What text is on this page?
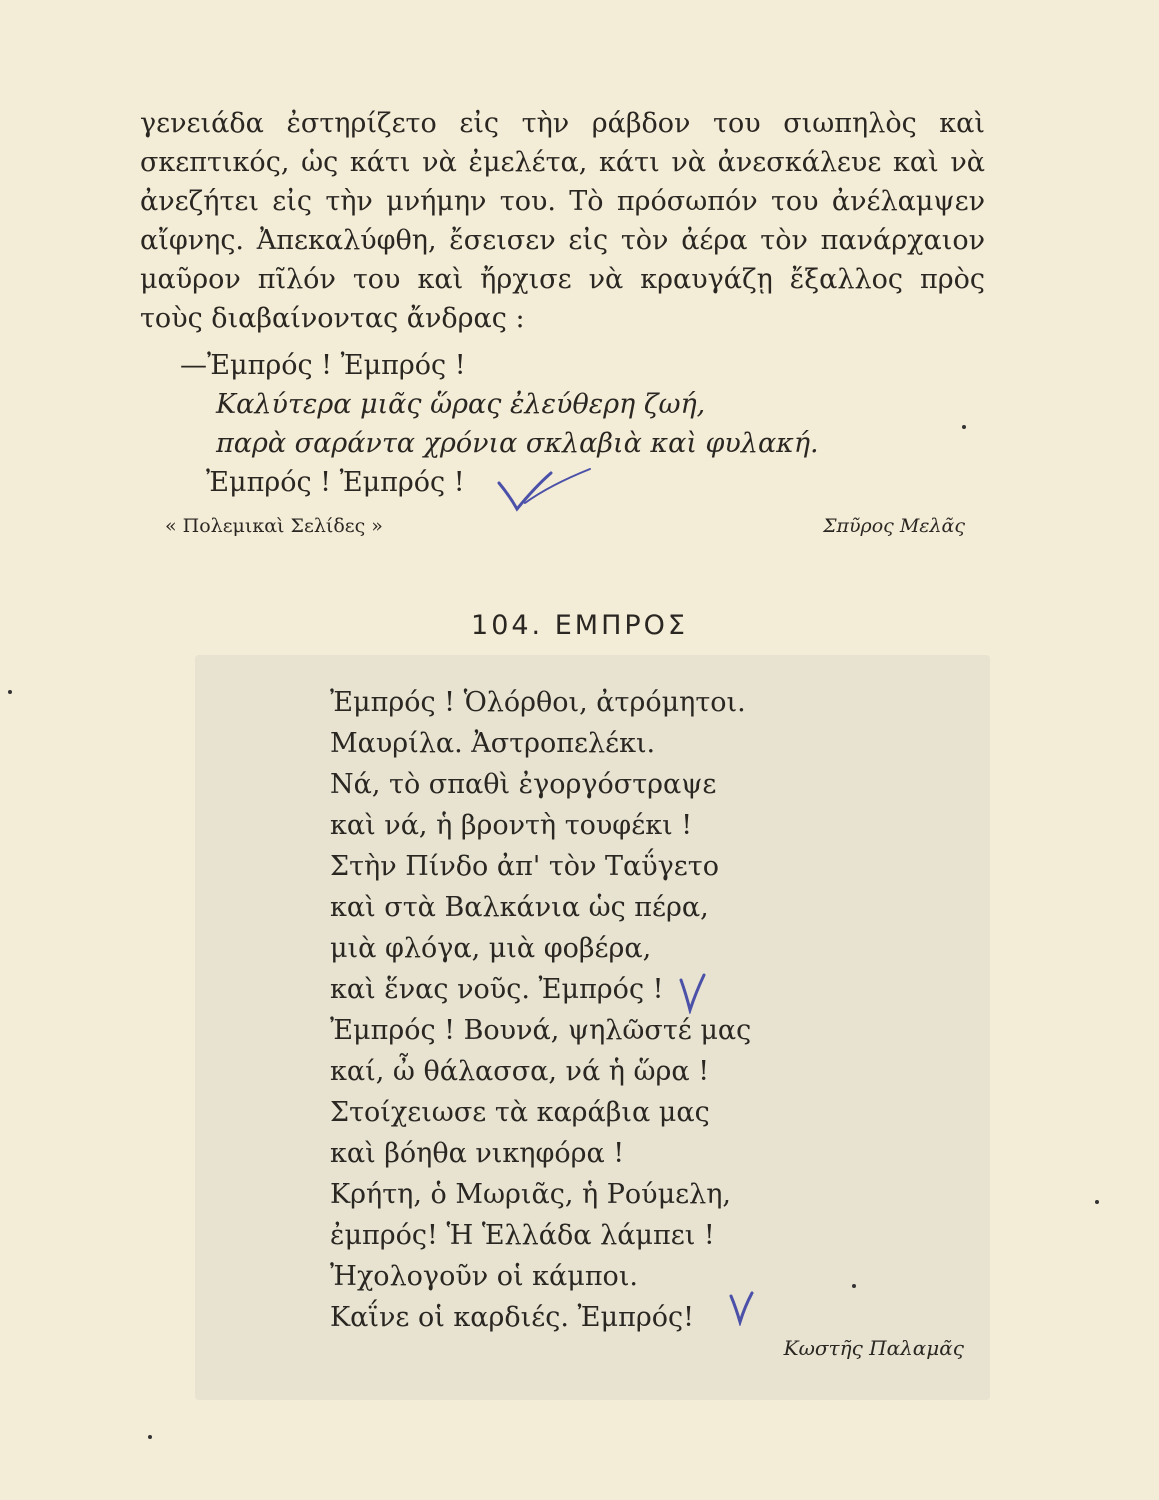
γενειάδα ἐστηρίζετο εἰς τὴν ράβδον του σιωπηλὸς καὶ σκεπτικός, ὡς κάτι νὰ ἐμελέτα, κάτι νὰ ἀνεσκάλευε καὶ νὰ ἀνεζήτει εἰς τὴν μνήμην του. Τὸ πρόσωπόν του ἀνέλαμψεν αἴφνης. Ἀπεκαλύφθη, ἔσεισεν εἰς τὸν ἀέρα τὸν πανάρχαιον μαῦρον πῖλόν του καὶ ἤρχισε νὰ κραυγάζῃ ἔξαλλος πρὸς τοὺς διαβαίνοντας ἄνδρας :

—Ἐμπρός ! Ἐμπρός !
Καλύτερα μιᾶς ὥρας ἐλεύθερη ζωή,
παρὰ σαράντα χρόνια σκλαβιὰ καὶ φυλακή.
Ἐμπρός ! Ἐμπρός !
« Πολεμικαὶ Σελίδες »	Σπῦρος Μελᾶς
104. ΕΜΠΡΟΣ
Ἐμπρός ! Ὁλόρθοι, ἀτρόμητοι.
Μαυρίλα. Ἀστροπελέκι.
Νά, τὸ σπαθὶ ἐγοργόστραψε
καὶ νά, ἡ βροντὴ τουφέκι !
Στὴν Πίνδο ἀπ' τὸν Ταΰγετο
καὶ στὰ Βαλκάνια ὡς πέρα,
μιὰ φλόγα, μιὰ φοβέρα,
καὶ ἕνας νοῦς. Ἐμπρός !
Ἐμπρός ! Βουνά, ψηλῶστέ μας
καί, ὦ θάλασσα, νά ἡ ὥρα !
Στοίχειωσε τὰ καράβια μας
καὶ βόηθα νικηφόρα !
Κρήτη, ὁ Μωριᾶς, ἡ Ρούμελη,
ἐμπρός! Ἡ Ἑλλάδα λάμπει !
Ἠχολογοῦν οἱ κάμποι.
Καΐνε οἱ καρδιές. Ἐμπρός!
Κωστῆς Παλαμᾶς
